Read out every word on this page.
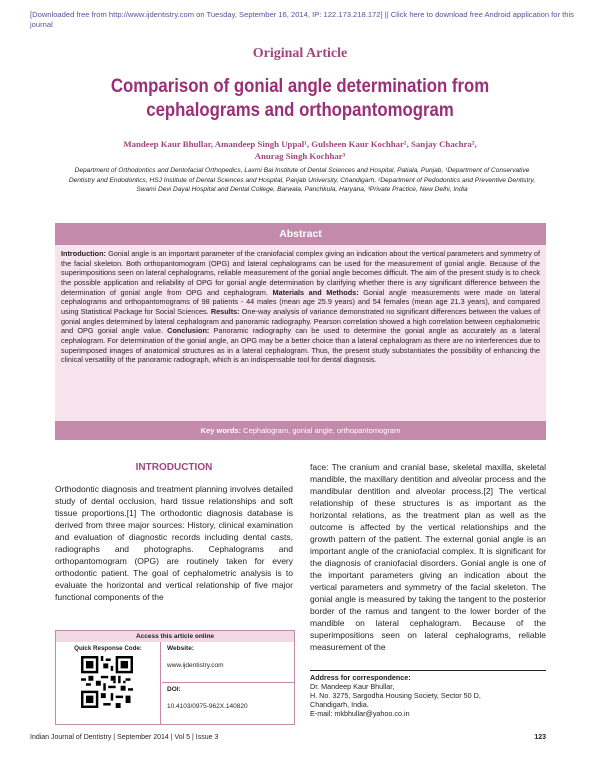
[Downloaded free from http://www.ijdentistry.com on Tuesday, September 16, 2014, IP: 122.173.218.172] || Click here to download free Android application for this journal
Original Article
Comparison of gonial angle determination from cephalograms and orthopantomogram
Mandeep Kaur Bhullar, Amandeep Singh Uppal¹, Gulsheen Kaur Kochhar², Sanjay Chachra²,
Anurag Singh Kochhar³
Department of Orthodontics and Dentofacial Orthopedics, Laxmi Bai Institute of Dental Sciences and Hospital, Patiala, Punjab, ¹Department of Conservative Dentistry and Endodontics, HSJ Institute of Dental Sciences and Hospital, Panjab University, Chandigarh, ²Department of Pedodontics and Preventive Dentistry, Swami Devi Dayal Hospital and Dental College, Barwala, Panchkula, Haryana, ³Private Practice, New Delhi, India
Abstract
Introduction: Gonial angle is an important parameter of the craniofacial complex giving an indication about the vertical parameters and symmetry of the facial skeleton. Both orthopantomogram (OPG) and lateral cephalograms can be used for the measurement of gonial angle. Because of the superimpositions seen on lateral cephalograms, reliable measurement of the gonial angle becomes difficult. The aim of the present study is to check the possible application and reliability of OPG for gonial angle determination by clarifying whether there is any significant difference between the determination of gonial angle from OPG and cephalogram. Materials and Methods: Gonial angle measurements were made on lateral cephalograms and orthopantomograms of 98 patients - 44 males (mean age 25.9 years) and 54 females (mean age 21.3 years), and compared using Statistical Package for Social Sciences. Results: One-way analysis of variance demonstrated no significant differences between the values of gonial angles determined by lateral cephalogram and panoramic radiography. Pearson correlation showed a high correlation between cephalometric and OPG gonial angle value. Conclusion: Panoramic radiography can be used to determine the gonial angle as accurately as a lateral cephalogram. For determination of the gonial angle, an OPG may be a better choice than a lateral cephalogram as there are no interferences due to superimposed images of anatomical structures as in a lateral cephalogram. Thus, the present study substantiates the possibility of enhancing the clinical versatility of the panoramic radiograph, which is an indispensable tool for dental diagnosis.
Key words: Cephalogram, gonial angle, orthopantomogram
INTRODUCTION
Orthodontic diagnosis and treatment planning involves detailed study of dental occlusion, hard tissue relationships and soft tissue proportions.[1] The orthodontic diagnosis database is derived from three major sources: History, clinical examination and evaluation of diagnostic records including dental casts, radiographs and photographs. Cephalograms and orthopantomogram (OPG) are routinely taken for every orthodontic patient. The goal of cephalometric analysis is to evaluate the horizontal and vertical relationship of five major functional components of the
face: The cranium and cranial base, skeletal maxilla, skeletal mandible, the maxillary dentition and alveolar process and the mandibular dentition and alveolar process.[2] The vertical relationship of these structures is as important as the horizontal relations, as the treatment plan as well as the outcome is affected by the vertical relationships and the growth pattern of the patient. The external gonial angle is an important angle of the craniofacial complex. It is significant for the diagnosis of craniofacial disorders. Gonial angle is one of the important parameters giving an indication about the vertical parameters and symmetry of the facial skeleton. The gonial angle is measured by taking the tangent to the posterior border of the ramus and tangent to the lower border of the mandible on lateral cephalogram. Because of the superimpositions seen on lateral cephalograms, reliable measurement of the
Access this article online
Quick Response Code:	Website:
www.ijdentistry.com
DOI:
10.4103/0975-962X.140820
Address for correspondence:
Dr. Mandeep Kaur Bhullar,
H. No. 3275, Sargodha Housing Society, Sector 50 D,
Chandigarh, India.
E-mail: mkbhullar@yahoo.co.in
Indian Journal of Dentistry | September 2014 | Vol 5 | Issue 3	123
